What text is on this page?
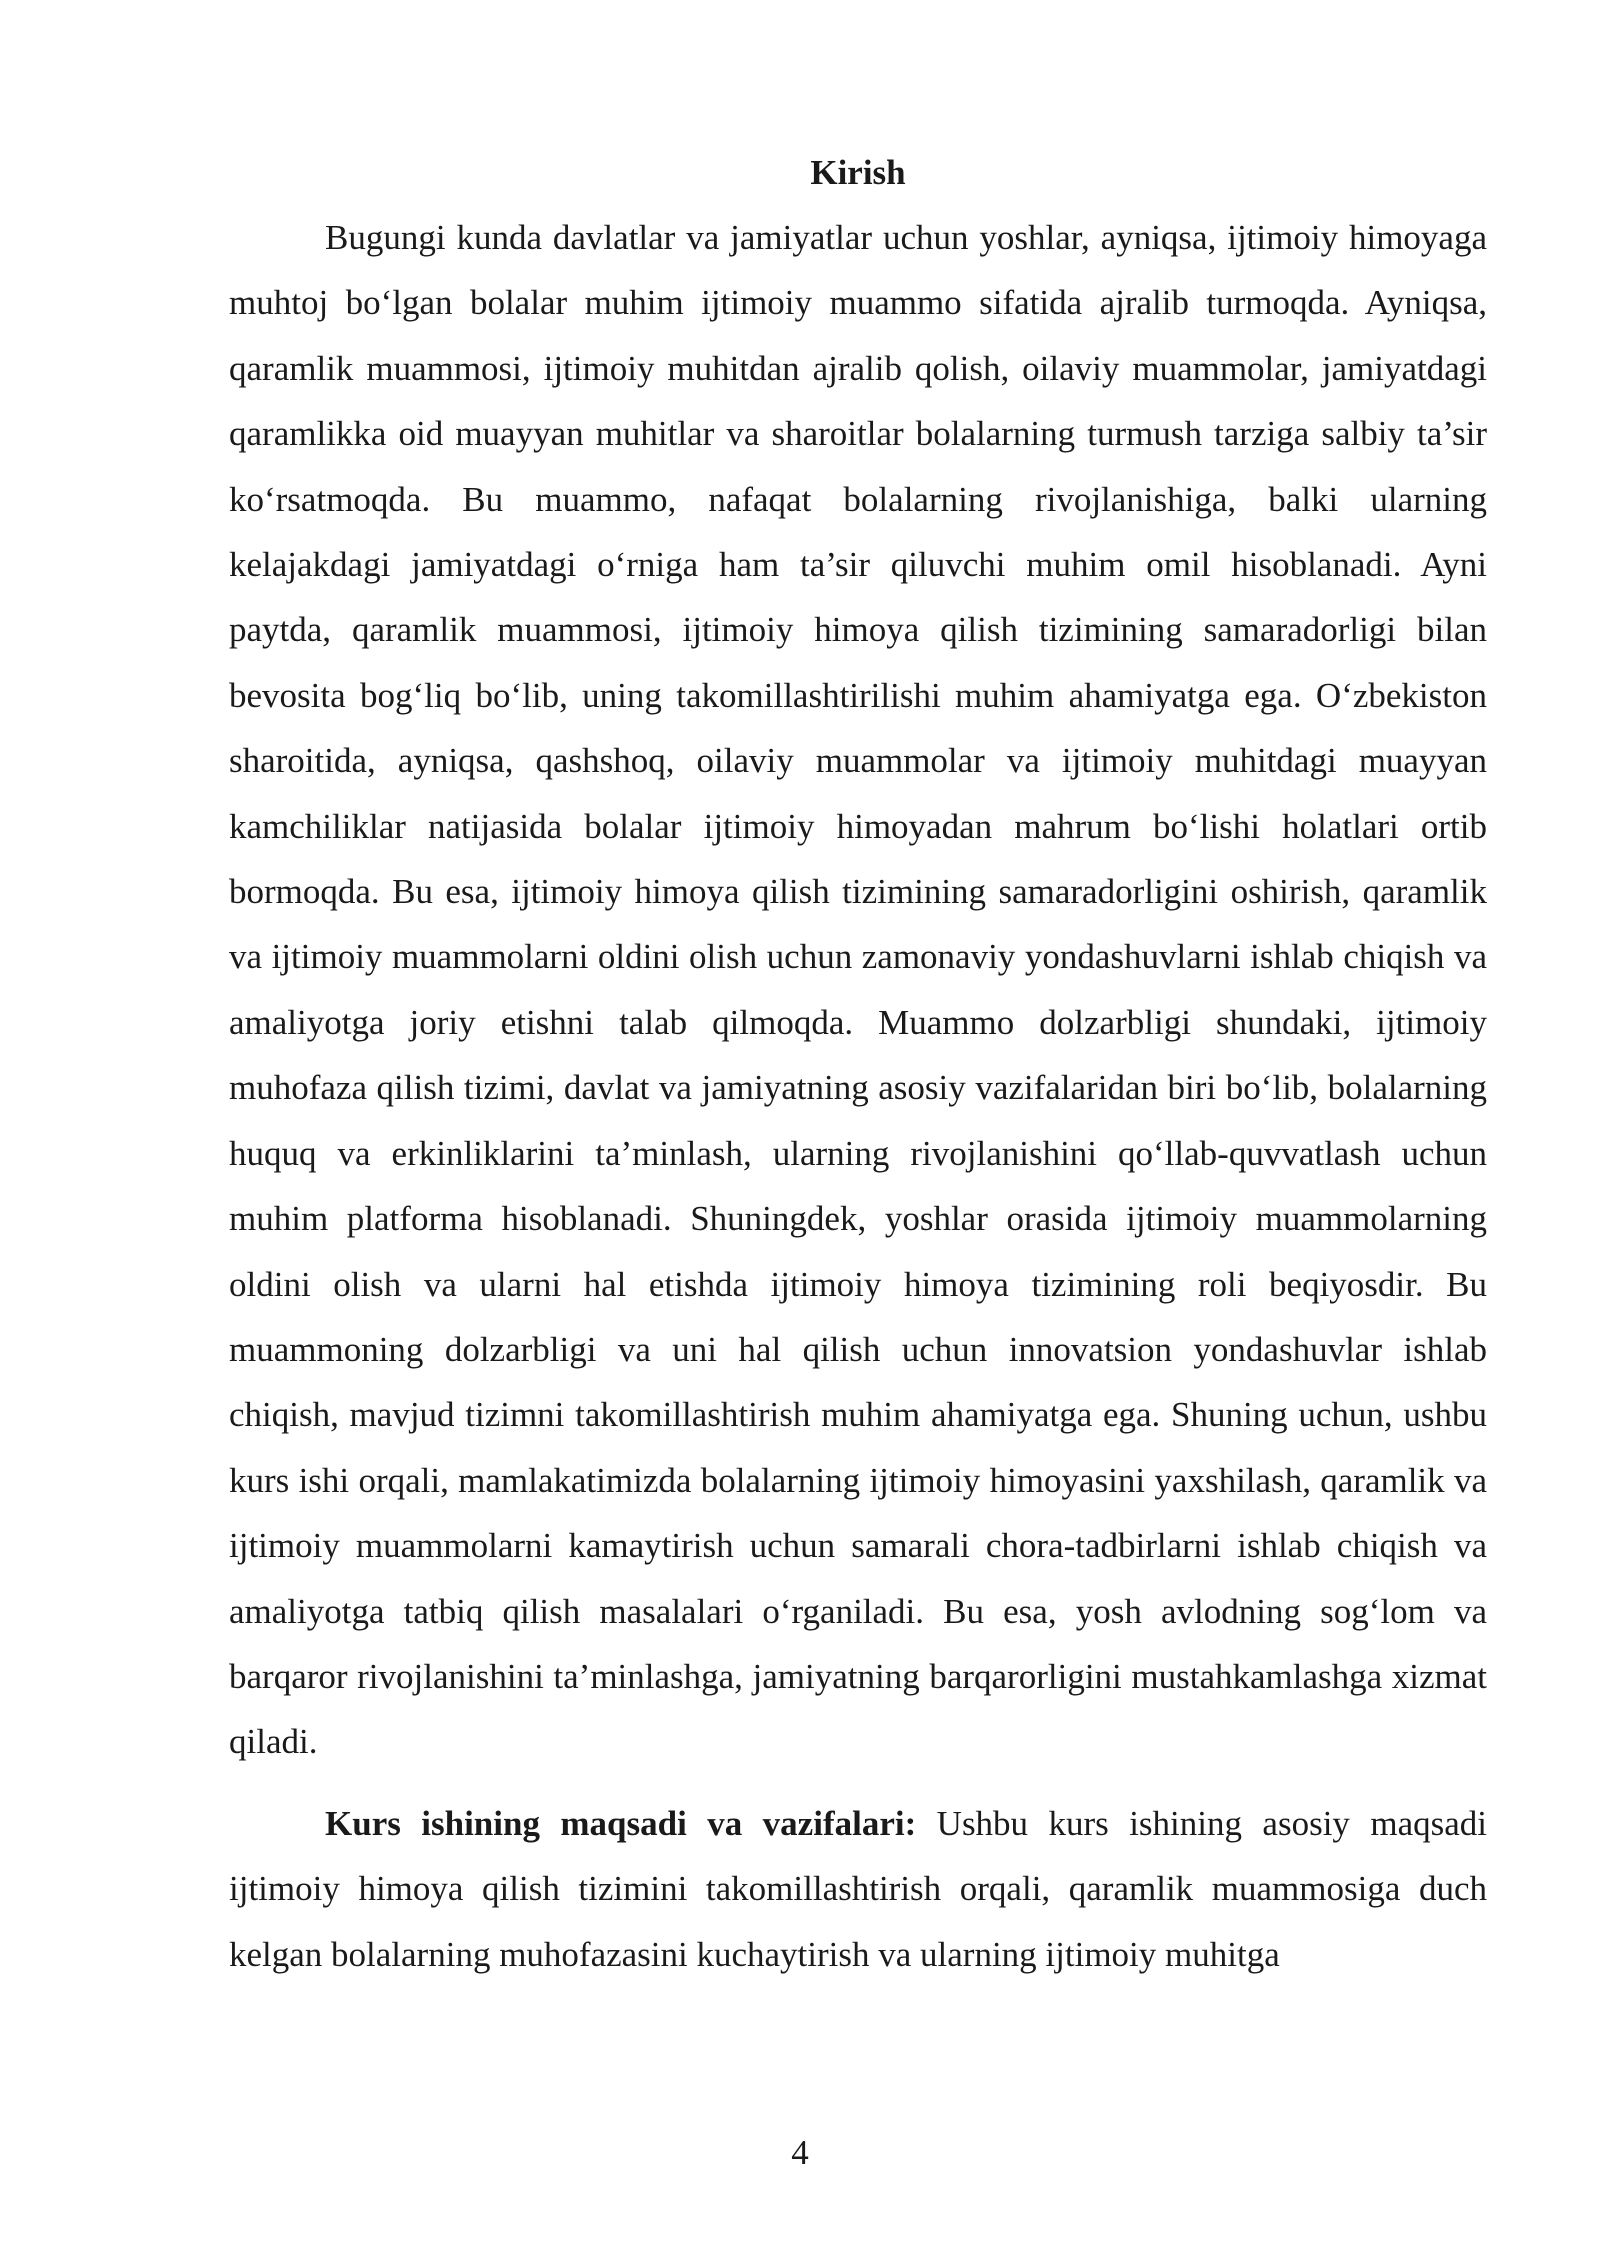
Kirish

Bugungi kunda davlatlar va jamiyatlar uchun yoshlar, ayniqsa, ijtimoiy himoyaga muhtoj bo‘lgan bolalar muhim ijtimoiy muammo sifatida ajralib turmoqda. Ayniqsa, qaramlik muammosi, ijtimoiy muhitdan ajralib qolish, oilaviy muammolar, jamiyatdagi qaramlikka oid muayyan muhitlar va sharoitlar bolalarning turmush tarziga salbiy ta’sir ko‘rsatmoqda. Bu muammo, nafaqat bolalarning rivojlanishiga, balki ularning kelajakdagi jamiyatdagi o‘rniga ham ta’sir qiluvchi muhim omil hisoblanadi. Ayni paytda, qaramlik muammosi, ijtimoiy himoya qilish tizimining samaradorligi bilan bevosita bog‘liq bo‘lib, uning takomillashtirilishi muhim ahamiyatga ega. O‘zbekiston sharoitida, ayniqsa, qashshoq, oilaviy muammolar va ijtimoiy muhitdagi muayyan kamchiliklar natijasida bolalar ijtimoiy himoyadan mahrum bo‘lishi holatlari ortib bormoqda. Bu esa, ijtimoiy himoya qilish tizimining samaradorligini oshirish, qaramlik va ijtimoiy muammolarni oldini olish uchun zamonaviy yondashuvlarni ishlab chiqish va amaliyotga joriy etishni talab qilmoqda. Muammo dolzarbligi shundaki, ijtimoiy muhofaza qilish tizimi, davlat va jamiyatning asosiy vazifalaridan biri bo‘lib, bolalarning huquq va erkinliklarini ta’minlash, ularning rivojlanishini qo‘llab-quvvatlash uchun muhim platforma hisoblanadi. Shuningdek, yoshlar orasida ijtimoiy muammolarning oldini olish va ularni hal etishda ijtimoiy himoya tizimining roli beqiyosdir. Bu muammoning dolzarbligi va uni hal qilish uchun innovatsion yondashuvlar ishlab chiqish, mavjud tizimni takomillashtirish muhim ahamiyatga ega. Shuning uchun, ushbu kurs ishi orqali, mamlakatimizda bolalarning ijtimoiy himoyasini yaxshilash, qaramlik va ijtimoiy muammolarni kamaytirish uchun samarali chora-tadbirlarni ishlab chiqish va amaliyotga tatbiq qilish masalalari o‘rganiladi. Bu esa, yosh avlodning sog‘lom va barqaror rivojlanishini ta’minlashga, jamiyatning barqarorligini mustahkamlashga xizmat qiladi.

Kurs ishining maqsadi va vazifalari: Ushbu kurs ishining asosiy maqsadi ijtimoiy himoya qilish tizimini takomillashtirish orqali, qaramlik muammosiga duch kelgan bolalarning muhofazasini kuchaytirish va ularning ijtimoiy muhitga

4
